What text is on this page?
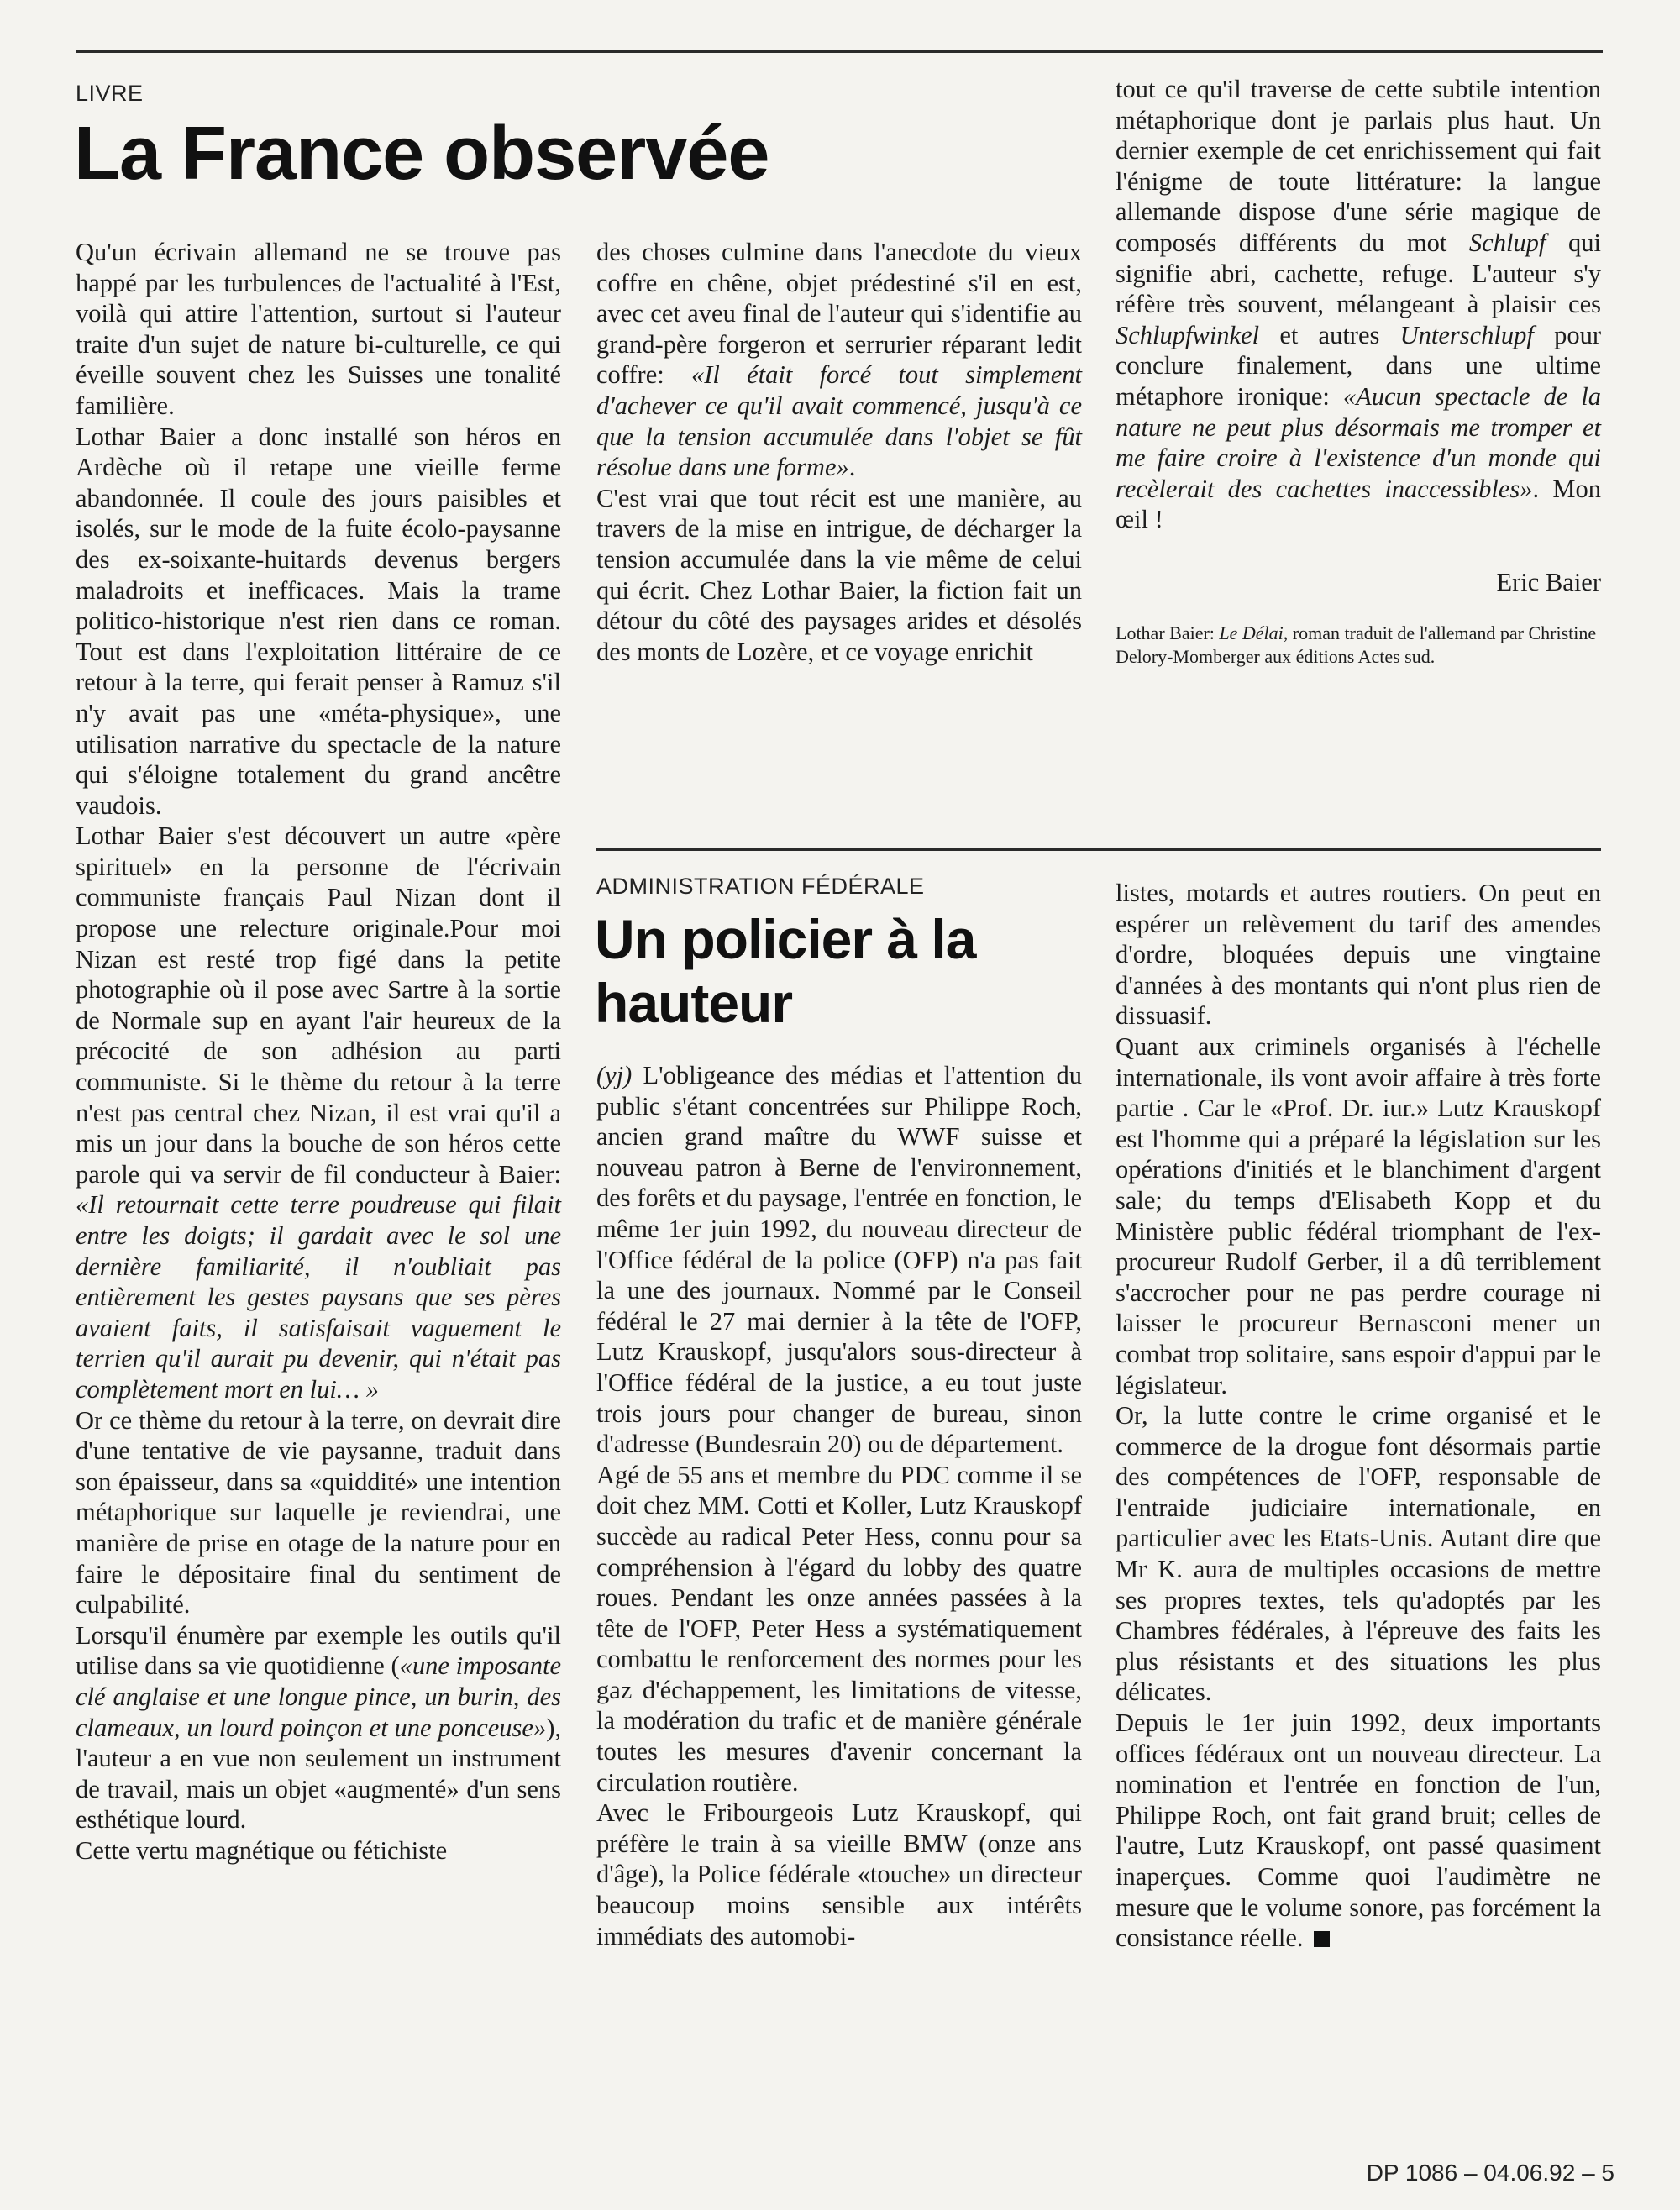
LIVRE
La France observée

Qu'un écrivain allemand ne se trouve pas happé par les turbulences de l'actualité à l'Est, voilà qui attire l'attention, surtout si l'auteur traite d'un sujet de nature bi-culturelle, ce qui éveille souvent chez les Suisses une tonalité familière.

Lothar Baier a donc installé son héros en Ardèche où il retape une vieille ferme abandonnée. Il coule des jours paisibles et isolés, sur le mode de la fuite écolo-paysanne des ex-soixante-huitards devenus bergers maladroits et inefficaces. Mais la trame politico-historique n'est rien dans ce roman. Tout est dans l'exploitation littéraire de ce retour à la terre, qui ferait penser à Ramuz s'il n'y avait pas une «méta-physique», une utilisation narrative du spectacle de la nature qui s'éloigne totalement du grand ancêtre vaudois.

Lothar Baier s'est découvert un autre «père spirituel» en la personne de l'écrivain communiste français Paul Nizan dont il propose une relecture originale.Pour moi Nizan est resté trop figé dans la petite photographie où il pose avec Sartre à la sortie de Normale sup en ayant l'air heureux de la précocité de son adhésion au parti communiste. Si le thème du retour à la terre n'est pas central chez Nizan, il est vrai qu'il a mis un jour dans la bouche de son héros cette parole qui va servir de fil conducteur à Baier: «Il retournait cette terre poudreuse qui filait entre les doigts; il gardait avec le sol une dernière familiarité, il n'oubliait pas entièrement les gestes paysans que ses pères avaient faits, il satisfaisait vaguement le terrien qu'il aurait pu devenir, qui n'était pas complètement mort en lui… »

Or ce thème du retour à la terre, on devrait dire d'une tentative de vie paysanne, traduit dans son épaisseur, dans sa «quiddité» une intention métaphorique sur laquelle je reviendrai, une manière de prise en otage de la nature pour en faire le dépositaire final du sentiment de culpabilité.

Lorsqu'il énumère par exemple les outils qu'il utilise dans sa vie quotidienne («une imposante clé anglaise et une longue pince, un burin, des clameaux, un lourd poinçon et une ponceuse»), l'auteur a en vue non seulement un instrument de travail, mais un objet «augmenté» d'un sens esthétique lourd.

Cette vertu magnétique ou fétichiste

des choses culmine dans l'anecdote du vieux coffre en chêne, objet prédestiné s'il en est, avec cet aveu final de l'auteur qui s'identifie au grand-père forgeron et serrurier réparant ledit coffre: «Il était forcé tout simplement d'achever ce qu'il avait commencé, jusqu'à ce que la tension accumulée dans l'objet se fût résolue dans une forme».

C'est vrai que tout récit est une manière, au travers de la mise en intrigue, de décharger la tension accumulée dans la vie même de celui qui écrit. Chez Lothar Baier, la fiction fait un détour du côté des paysages arides et désolés des monts de Lozère, et ce voyage enrichit

tout ce qu'il traverse de cette subtile intention métaphorique dont je parlais plus haut. Un dernier exemple de cet enrichissement qui fait l'énigme de toute littérature: la langue allemande dispose d'une série magique de composés différents du mot Schlupf qui signifie abri, cachette, refuge. L'auteur s'y réfère très souvent, mélangeant à plaisir ces Schlupfwinkel et autres Unterschlupf pour conclure finalement, dans une ultime métaphore ironique: «Aucun spectacle de la nature ne peut plus désormais me tromper et me faire croire à l'existence d'un monde qui recèlerait des cachettes inaccessibles». Mon œil !

Eric Baier

Lothar Baier: Le Délai, roman traduit de l'allemand par Christine Delory-Momberger aux éditions Actes sud.

ADMINISTRATION FÉDÉRALE
Un policier à la
hauteur

(yj) L'obligeance des médias et l'attention du public s'étant concentrées sur Philippe Roch, ancien grand maître du WWF suisse et nouveau patron à Berne de l'environnement, des forêts et du paysage, l'entrée en fonction, le même 1er juin 1992, du nouveau directeur de l'Office fédéral de la police (OFP) n'a pas fait la une des journaux. Nommé par le Conseil fédéral le 27 mai dernier à la tête de l'OFP, Lutz Krauskopf, jusqu'alors sous-directeur à l'Office fédéral de la justice, a eu tout juste trois jours pour changer de bureau, sinon d'adresse (Bundesrain 20) ou de département.

Agé de 55 ans et membre du PDC comme il se doit chez MM. Cotti et Koller, Lutz Krauskopf succède au radical Peter Hess, connu pour sa compréhension à l'égard du lobby des quatre roues. Pendant les onze années passées à la tête de l'OFP, Peter Hess a systématiquement combattu le renforcement des normes pour les gaz d'échappement, les limitations de vitesse, la modération du trafic et de manière générale toutes les mesures d'avenir concernant la circulation routière.

Avec le Fribourgeois Lutz Krauskopf, qui préfère le train à sa vieille BMW (onze ans d'âge), la Police fédérale «touche» un directeur beaucoup moins sensible aux intérêts immédiats des automobi-

listes, motards et autres routiers. On peut en espérer un relèvement du tarif des amendes d'ordre, bloquées depuis une vingtaine d'années à des montants qui n'ont plus rien de dissuasif.

Quant aux criminels organisés à l'échelle internationale, ils vont avoir affaire à très forte partie . Car le «Prof. Dr. iur.» Lutz Krauskopf est l'homme qui a préparé la législation sur les opérations d'initiés et le blanchiment d'argent sale; du temps d'Elisabeth Kopp et du Ministère public fédéral triomphant de l'ex-procureur Rudolf Gerber, il a dû terriblement s'accrocher pour ne pas perdre courage ni laisser le procureur Bernasconi mener un combat trop solitaire, sans espoir d'appui par le législateur.

Or, la lutte contre le crime organisé et le commerce de la drogue font désormais partie des compétences de l'OFP, responsable de l'entraide judiciaire internationale, en particulier avec les Etats-Unis. Autant dire que Mr K. aura de multiples occasions de mettre ses propres textes, tels qu'adoptés par les Chambres fédérales, à l'épreuve des faits les plus résistants et des situations les plus délicates.

Depuis le 1er juin 1992, deux importants offices fédéraux ont un nouveau directeur. La nomination et l'entrée en fonction de l'un, Philippe Roch, ont fait grand bruit; celles de l'autre, Lutz Krauskopf, ont passé quasiment inaperçues. Comme quoi l'audimètre ne mesure que le volume sonore, pas forcément la consistance réelle.

DP 1086 – 04.06.92 – 5
